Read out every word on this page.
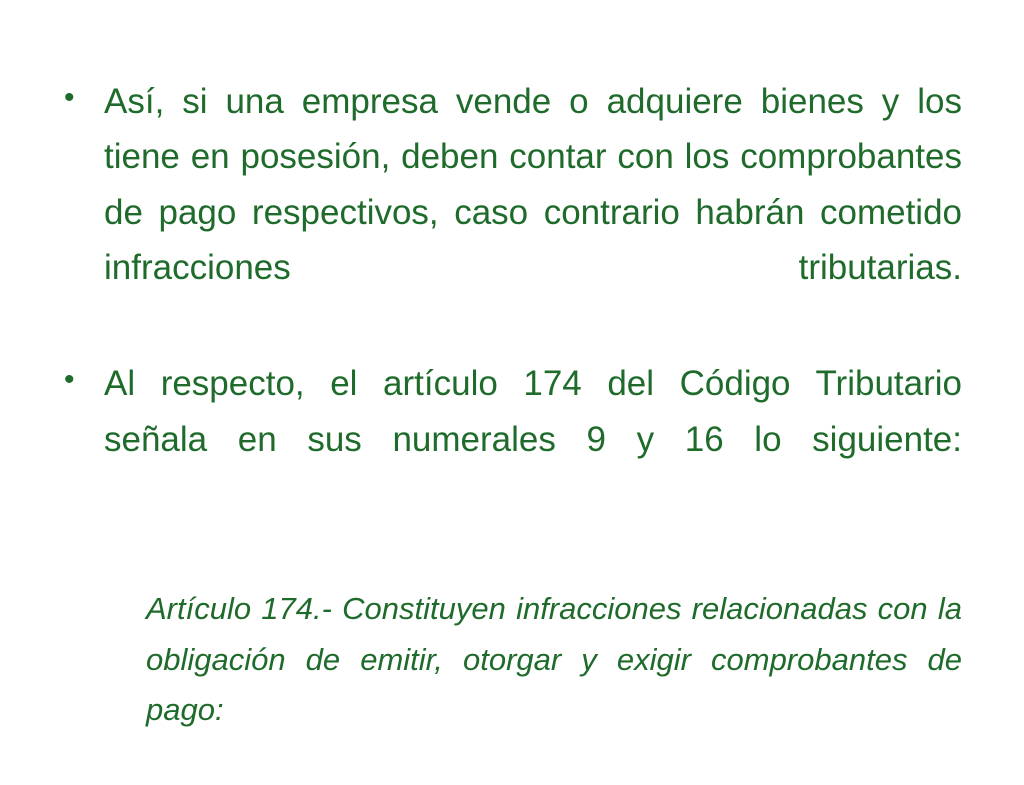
• Así, si una empresa vende o adquiere bienes y los tiene en posesión, deben contar con los comprobantes de pago respectivos, caso contrario habrán cometido infracciones tributarias.
• Al respecto, el artículo 174 del Código Tributario señala en sus numerales 9 y 16 lo siguiente:
Artículo 174.- Constituyen infracciones relacionadas con la obligación de emitir, otorgar y exigir comprobantes de pago:
